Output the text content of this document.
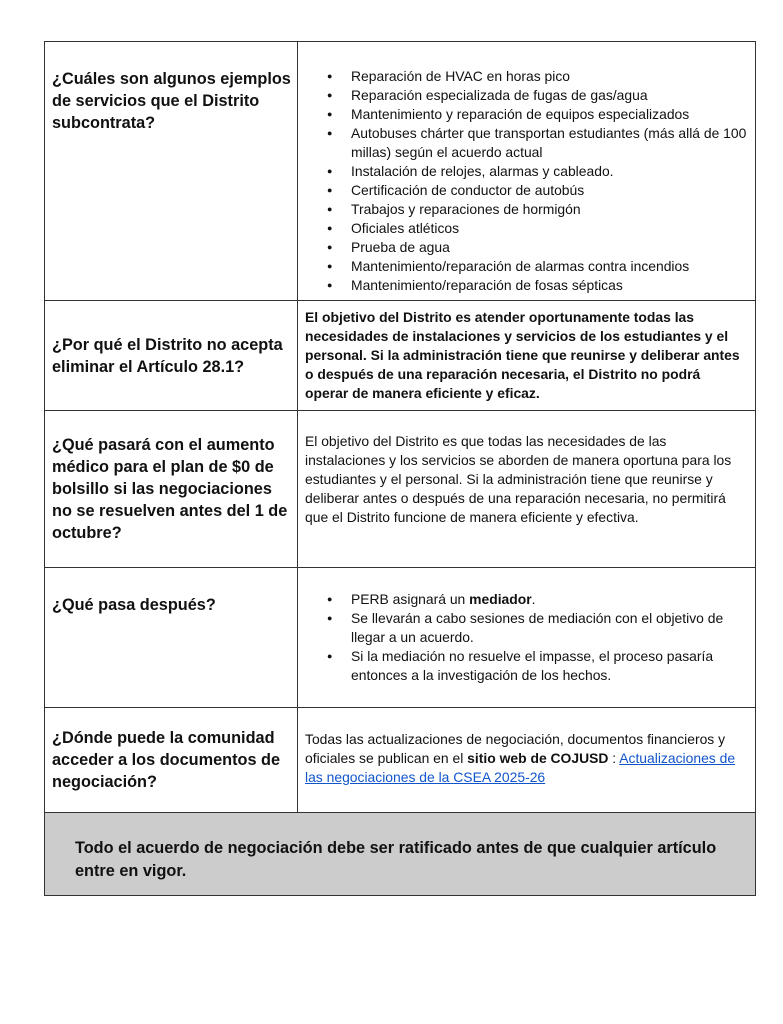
¿Cuáles son algunos ejemplos de servicios que el Distrito subcontrata?
● Reparación de HVAC en horas pico
● Reparación especializada de fugas de gas/agua
● Mantenimiento y reparación de equipos especializados
● Autobuses chárter que transportan estudiantes (más allá de 100 millas) según el acuerdo actual
● Instalación de relojes, alarmas y cableado.
● Certificación de conductor de autobús
● Trabajos y reparaciones de hormigón
● Oficiales atléticos
● Prueba de agua
● Mantenimiento/reparación de alarmas contra incendios
● Mantenimiento/reparación de fosas sépticas
¿Por qué el Distrito no acepta eliminar el Artículo 28.1?
El objetivo del Distrito es atender oportunamente todas las necesidades de instalaciones y servicios de los estudiantes y el personal. Si la administración tiene que reunirse y deliberar antes o después de una reparación necesaria, el Distrito no podrá operar de manera eficiente y eficaz.
¿Qué pasará con el aumento médico para el plan de $0 de bolsillo si las negociaciones no se resuelven antes del 1 de octubre?
El objetivo del Distrito es que todas las necesidades de las instalaciones y los servicios se aborden de manera oportuna para los estudiantes y el personal. Si la administración tiene que reunirse y deliberar antes o después de una reparación necesaria, no permitirá que el Distrito funcione de manera eficiente y efectiva.
¿Qué pasa después?	● PERB asignará un mediador.
● Se llevarán a cabo sesiones de mediación con el objetivo de llegar a un acuerdo.
● Si la mediación no resuelve el impasse, el proceso pasaría entonces a la investigación de los hechos.
¿Dónde puede la comunidad acceder a los documentos de negociación?
Todas las actualizaciones de negociación, documentos financieros y oficiales se publican en el sitio web de COJUSD : Actualizaciones de las negociaciones de la CSEA 2025-26
Todo el acuerdo de negociación debe ser ratificado antes de que cualquier artículo entre en vigor.
